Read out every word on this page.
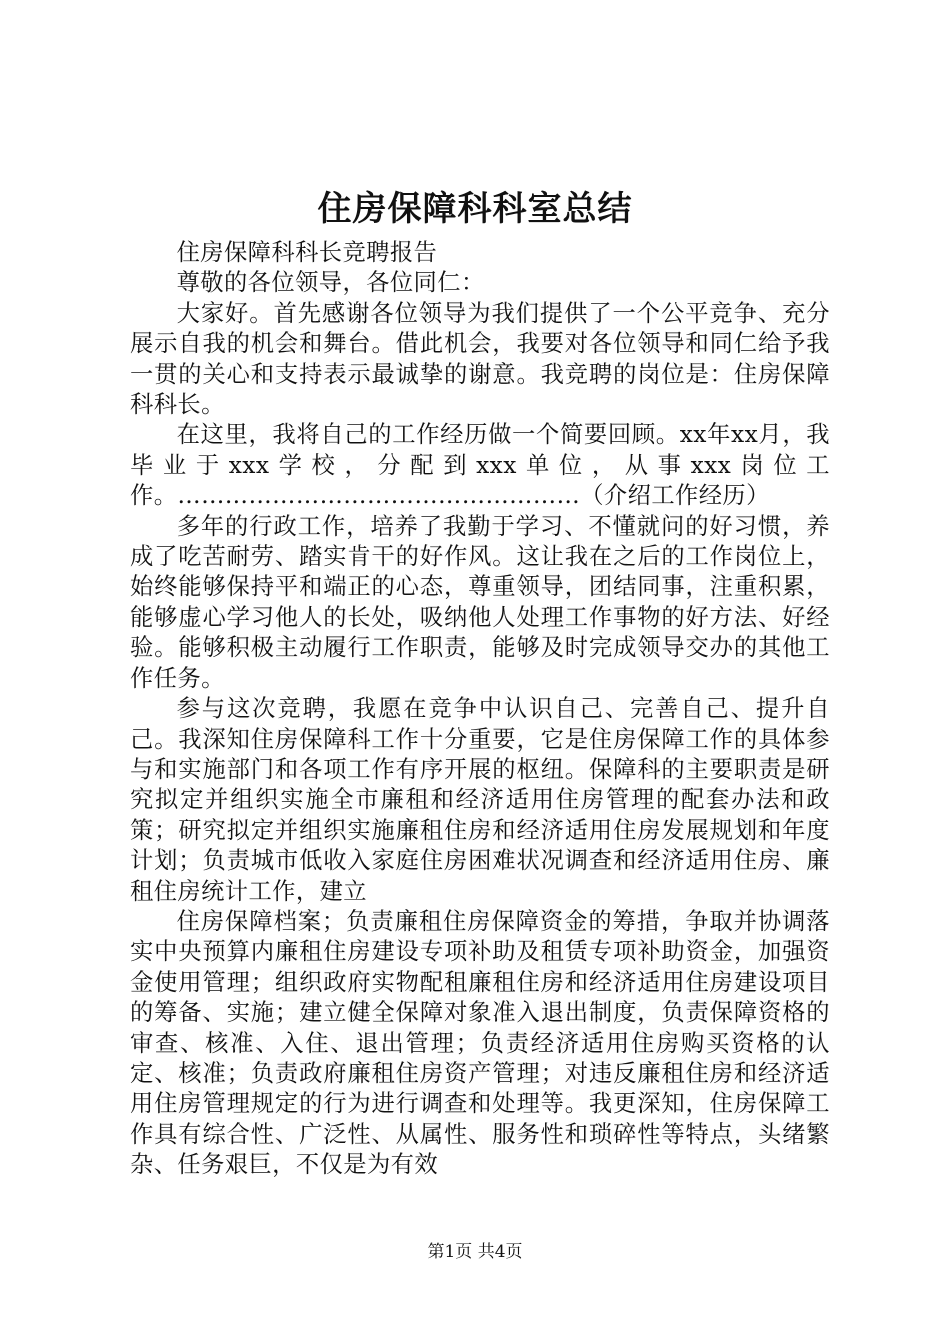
住房保障科科室总结

住房保障科科长竞聘报告

尊敬的各位领导，各位同仁：

大家好。首先感谢各位领导为我们提供了一个公平竞争、充分展示自我的机会和舞台。借此机会，我要对各位领导和同仁给予我一贯的关心和支持表示最诚挚的谢意。我竞聘的岗位是：住房保障科科长。

在这里，我将自己的工作经历做一个简要回顾。xx年xx月，我毕业于xxx学校，分配到xxx单位，从事xxx岗位工作。……………………………………………（介绍工作经历）

多年的行政工作，培养了我勤于学习、不懂就问的好习惯，养成了吃苦耐劳、踏实肯干的好作风。这让我在之后的工作岗位上，始终能够保持平和端正的心态，尊重领导，团结同事，注重积累，能够虚心学习他人的长处，吸纳他人处理工作事物的好方法、好经验。能够积极主动履行工作职责，能够及时完成领导交办的其他工作任务。

参与这次竞聘，我愿在竞争中认识自己、完善自己、提升自己。我深知住房保障科工作十分重要，它是住房保障工作的具体参与和实施部门和各项工作有序开展的枢纽。保障科的主要职责是研究拟定并组织实施全市廉租和经济适用住房管理的配套办法和政策；研究拟定并组织实施廉租住房和经济适用住房发展规划和年度计划；负责城市低收入家庭住房困难状况调查和经济适用住房、廉租住房统计工作，建立

住房保障档案；负责廉租住房保障资金的筹措，争取并协调落实中央预算内廉租住房建设专项补助及租赁专项补助资金，加强资金使用管理；组织政府实物配租廉租住房和经济适用住房建设项目的筹备、实施；建立健全保障对象准入退出制度，负责保障资格的审查、核准、入住、退出管理；负责经济适用住房购买资格的认定、核准；负责政府廉租住房资产管理；对违反廉租住房和经济适用住房管理规定的行为进行调查和处理等。我更深知，住房保障工作具有综合性、广泛性、从属性、服务性和琐碎性等特点，头绪繁杂、任务艰巨，不仅是为有效

第1页 共4页
